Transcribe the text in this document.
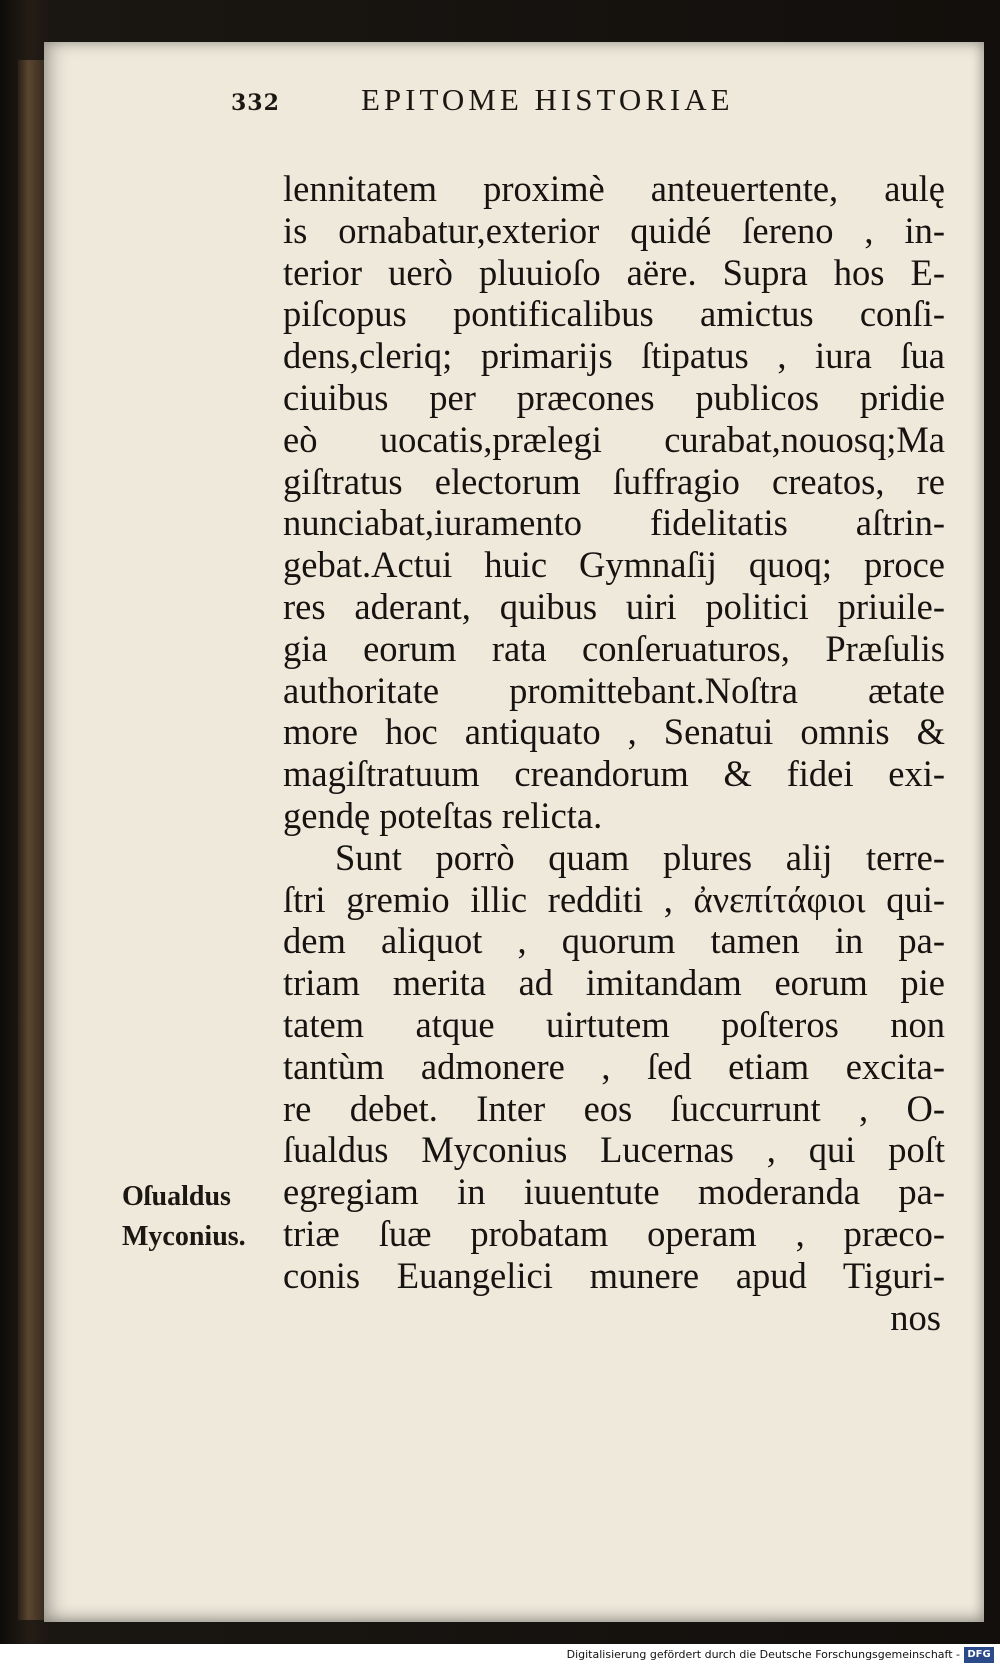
332	EPITOME HISTORIAE
lennitatem proximè anteuertente, aulę
is ornabatur,exterior quidé ſereno , in-
terior uerò pluuioſo aëre. Supra hos E-
piſcopus pontificalibus amictus conſi-
dens,cleriq; primarijs ſtipatus , iura ſua
ciuibus per præcones publicos pridie
eò uocatis,prælegi curabat,nouosq;Ma
giſtratus electorum ſuffragio creatos, re
nunciabat,iuramento fidelitatis aſtrin-
gebat.Actui huic Gymnaſij quoq; proce
res aderant, quibus uiri politici priuile-
gia eorum rata conſeruaturos, Præſulis
authoritate promittebant.Noſtra ætate
more hoc antiquato , Senatui omnis &
magiſtratuum creandorum & fidei exi-
gendę poteſtas relicta.
Sunt porrò quam plures alij terre-
ſtri gremio illic redditi , ἀνεπίτάφιοι qui-
dem aliquot , quorum tamen in pa-
triam merita ad imitandam eorum pie
tatem atque uirtutem poſteros non
tantùm admonere , ſed etiam excita-
re debet. Inter eos ſuccurrunt , O-
ſualdus Myconius Lucernas , qui poſt
egregiam in iuuentute moderanda pa-
triæ ſuæ probatam operam , præco-
conis Euangelici munere apud Tiguri-
nos
Oſualdus
Myconius.
Digitalisierung gefördert durch die Deutsche Forschungsgemeinschaft - DFG
